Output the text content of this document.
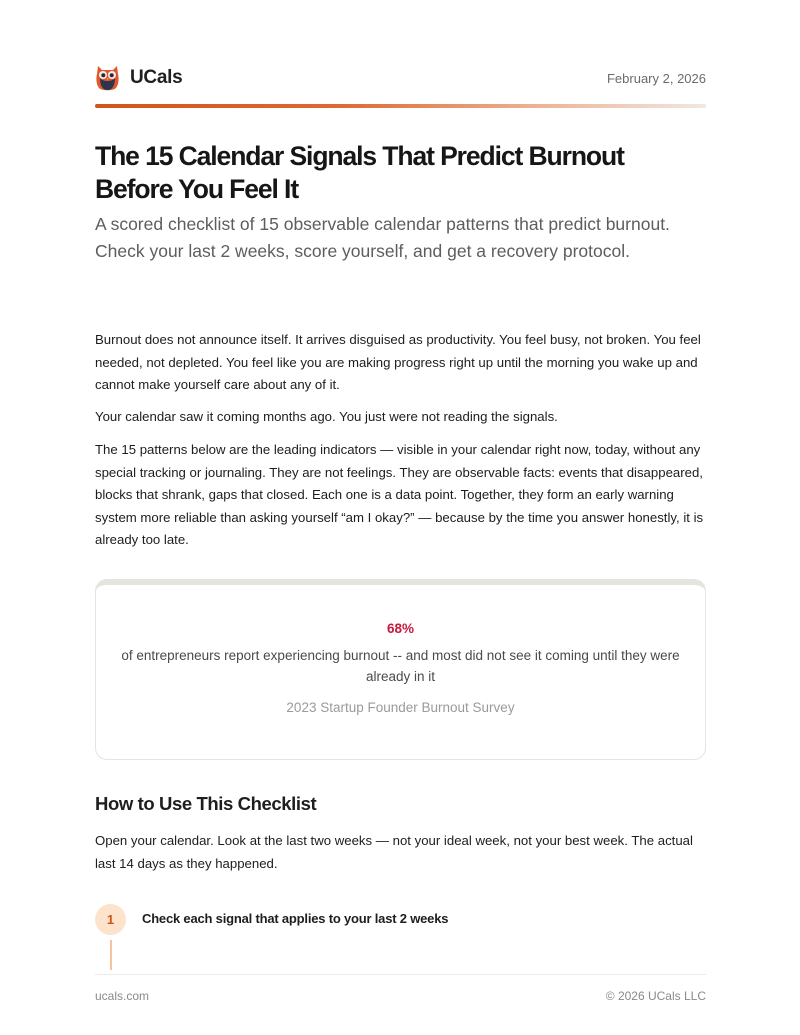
UCals	February 2, 2026
The 15 Calendar Signals That Predict Burnout Before You Feel It

A scored checklist of 15 observable calendar patterns that predict burnout. Check your last 2 weeks, score yourself, and get a recovery protocol.

Burnout does not announce itself. It arrives disguised as productivity. You feel busy, not broken. You feel needed, not depleted. You feel like you are making progress right up until the morning you wake up and cannot make yourself care about any of it.

Your calendar saw it coming months ago. You just were not reading the signals.

The 15 patterns below are the leading indicators — visible in your calendar right now, today, without any special tracking or journaling. They are not feelings. They are observable facts: events that disappeared, blocks that shrank, gaps that closed. Each one is a data point. Together, they form an early warning system more reliable than asking yourself “am I okay?” — because by the time you answer honestly, it is already too late.

68%
of entrepreneurs report experiencing burnout -- and most did not see it coming until they were already in it
2023 Startup Founder Burnout Survey
How to Use This Checklist

Open your calendar. Look at the last two weeks — not your ideal week, not your best week. The actual last 14 days as they happened.

1	Check each signal that applies to your last 2 weeks
ucals.com	© 2026 UCals LLC
